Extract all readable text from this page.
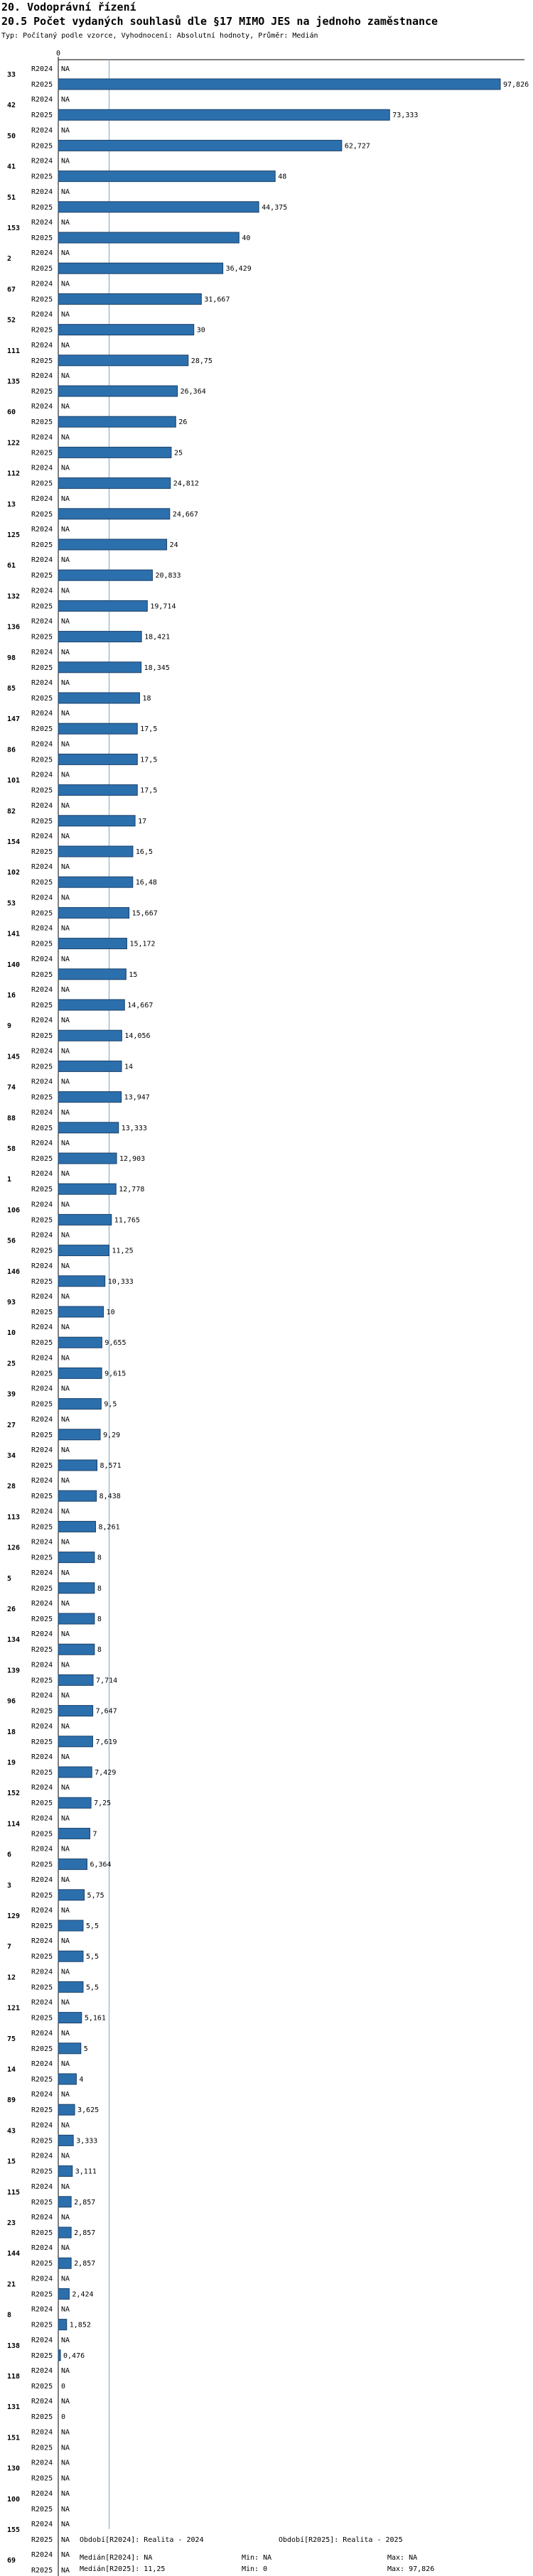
20. Vodoprávní řízení
20.5 Počet vydaných souhlasů dle §17 MIMO JES na jednoho zaměstnance
Typ: Počítaný podle vzorce, Vyhodnocení: Absolutní hodnoty, Průměr: Medián
0
33
R2024
R2025
NA
97,826
42
R2024
R2025
NA
73,333
50
R2024
R2025
NA
62,727
41
R2024
R2025
NA
48
51
R2024
R2025
NA
44,375
153
R2024
R2025
NA
40
2
R2024
R2025
NA
36,429
67
R2024
R2025
NA
31,667
52
R2024
R2025
NA
30
111
R2024
R2025
NA
28,75
135
R2024
R2025
NA
26,364
60
R2024
R2025
NA
26
122
R2024
R2025
NA
25
112
R2024
R2025
NA
24,812
13
R2024
R2025
NA
24,667
125
R2024
R2025
NA
24
61
R2024
R2025
NA
20,833
132
R2024
R2025
NA
19,714
136
R2024
R2025
NA
18,421
98
R2024
R2025
NA
18,345
85
R2024
R2025
NA
18
147
R2024
R2025
NA
17,5
86
R2024
R2025
NA
17,5
101
R2024
R2025
NA
17,5
82
R2024
R2025
NA
17
154
R2024
R2025
NA
16,5
102
R2024
R2025
NA
16,48
53
R2024
R2025
NA
15,667
141
R2024
R2025
NA
15,172
140
R2024
R2025
NA
15
16
R2024
R2025
NA
14,667
9
R2024
R2025
NA
14,056
145
R2024
R2025
NA
14
74
R2024
R2025
NA
13,947
88
R2024
R2025
NA
13,333
58
R2024
R2025
NA
12,903
1
R2024
R2025
NA
12,778
106
R2024
R2025
NA
11,765
56
R2024
R2025
NA
11,25
146
R2024
R2025
NA
10,333
93
R2024
R2025
NA
10
10
R2024
R2025
NA
9,655
25
R2024
R2025
NA
9,615
39
R2024
R2025
NA
9,5
27
R2024
R2025
NA
9,29
34
R2024
R2025
NA
8,571
28
R2024
R2025
NA
8,438
113
R2024
R2025
NA
8,261
126
R2024
R2025
NA
8
5
R2024
R2025
NA
8
26
R2024
R2025
NA
8
134
R2024
R2025
NA
8
139
R2024
R2025
NA
7,714
96
R2024
R2025
NA
7,647
18
R2024
R2025
NA
7,619
19
R2024
R2025
NA
7,429
152
R2024
R2025
NA
7,25
114
R2024
R2025
NA
7
6
R2024
R2025
NA
6,364
3
R2024
R2025
NA
5,75
129
R2024
R2025
NA
5,5
7
R2024
R2025
NA
5,5
12
R2024
R2025
NA
5,5
121
R2024
R2025
NA
5,161
75
R2024
R2025
NA
5
14
R2024
R2025
NA
4
89
R2024
R2025
NA
3,625
43
R2024
R2025
NA
3,333
15
R2024
R2025
NA
3,111
115
R2024
R2025
NA
2,857
23
R2024
R2025
NA
2,857
144
R2024
R2025
NA
2,857
21
R2024
R2025
NA
2,424
8
R2024
R2025
NA
1,852
138
R2024
R2025
NA
0,476
118
R2024
R2025
NA
0
131
R2024
R2025
NA
0
151
R2024
R2025
NA
NA
130
R2024
R2025
NA
NA
100
R2024
R2025
NA
NA
155
R2024
R2025
NA
NA
69
R2024
R2025
NA
NA
Období[R2024]: Realita - 2024	Období[R2025]: Realita - 2025
Medián[R2024]: NA	Min: NA	Max: NA
Medián[R2025]: 11,25	Min: 0	Max: 97,826
